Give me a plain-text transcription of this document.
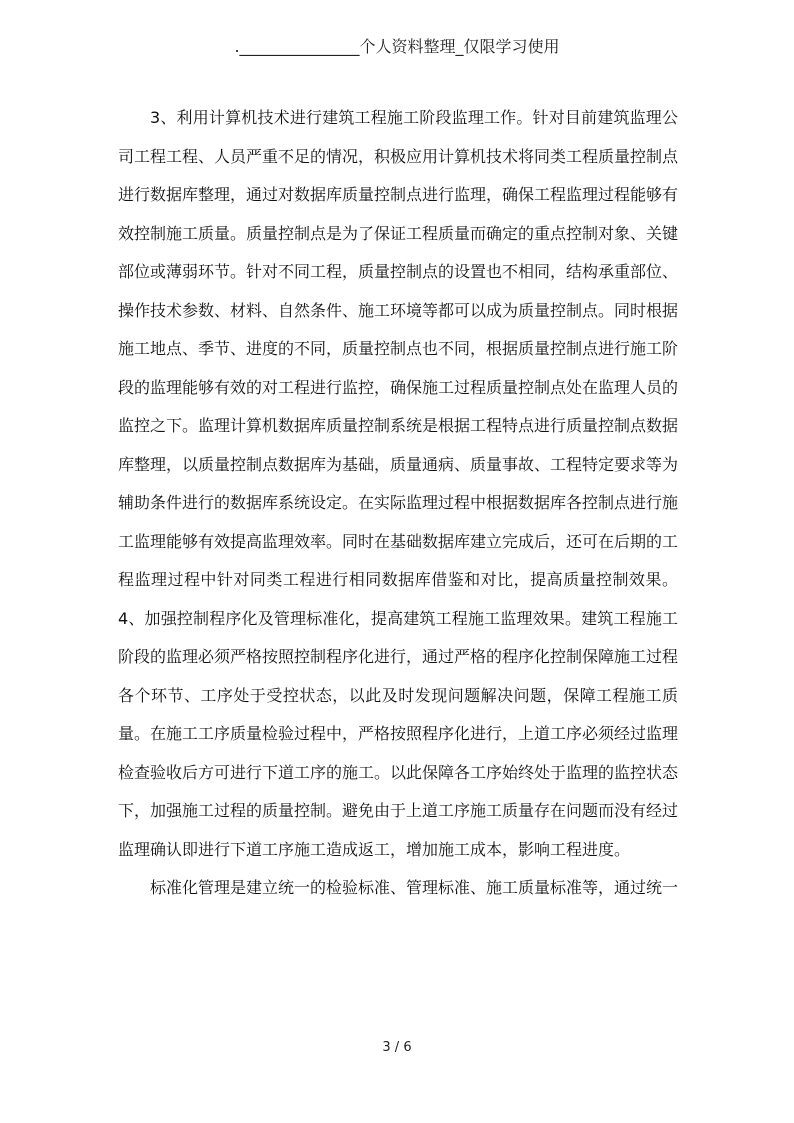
._______________个人资料整理_仅限学习使用

3、利用计算机技术进行建筑工程施工阶段监理工作。针对目前建筑监理公司工程工程、人员严重不足的情况，积极应用计算机技术将同类工程质量控制点进行数据库整理，通过对数据库质量控制点进行监理，确保工程监理过程能够有效控制施工质量。质量控制点是为了保证工程质量而确定的重点控制对象、关键部位或薄弱环节。针对不同工程，质量控制点的设置也不相同，结构承重部位、操作技术参数、材料、自然条件、施工环境等都可以成为质量控制点。同时根据施工地点、季节、进度的不同，质量控制点也不同，根据质量控制点进行施工阶段的监理能够有效的对工程进行监控，确保施工过程质量控制点处在监理人员的监控之下。监理计算机数据库质量控制系统是根据工程特点进行质量控制点数据库整理，以质量控制点数据库为基础，质量通病、质量事故、工程特定要求等为辅助条件进行的数据库系统设定。在实际监理过程中根据数据库各控制点进行施工监理能够有效提高监理效率。同时在基础数据库建立完成后，还可在后期的工程监理过程中针对同类工程进行相同数据库借鉴和对比，提高质量控制效果。4、加强控制程序化及管理标准化，提高建筑工程施工监理效果。建筑工程施工阶段的监理必须严格按照控制程序化进行，通过严格的程序化控制保障施工过程各个环节、工序处于受控状态，以此及时发现问题解决问题，保障工程施工质量。在施工工序质量检验过程中，严格按照程序化进行，上道工序必须经过监理检查验收后方可进行下道工序的施工。以此保障各工序始终处于监理的监控状态下，加强施工过程的质量控制。避免由于上道工序施工质量存在问题而没有经过监理确认即进行下道工序施工造成返工，增加施工成本，影响工程进度。

标准化管理是建立统一的检验标准、管理标准、施工质量标准等，通过统一

3 / 6
